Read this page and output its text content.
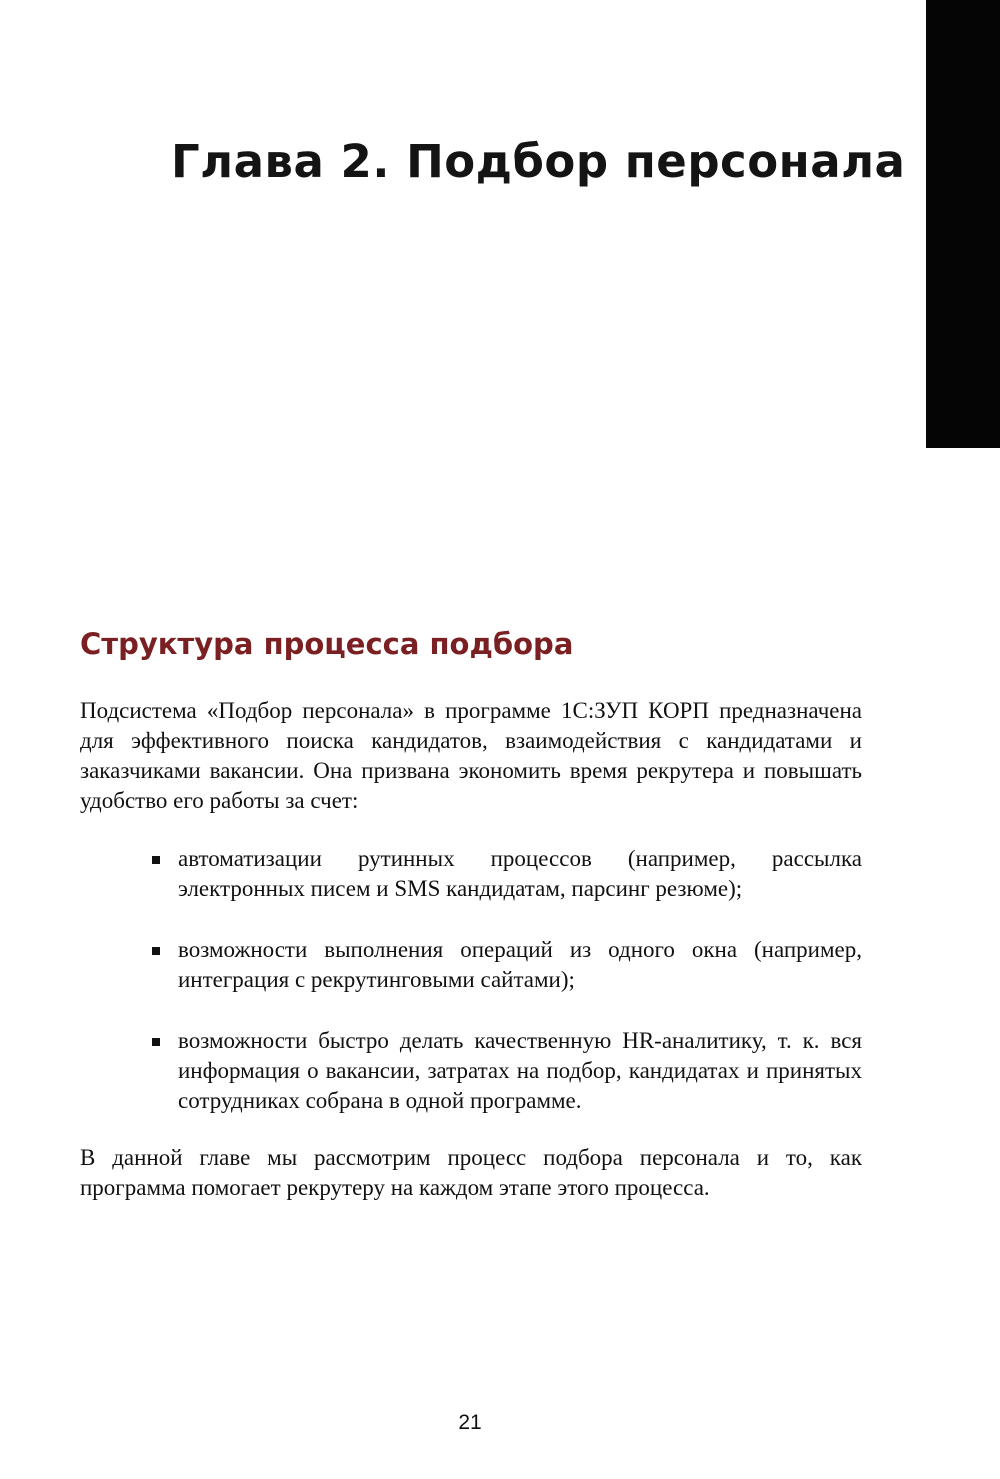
Глава 2. Подбор персонала
Структура процесса подбора

Подсистема «Подбор персонала» в программе 1С:ЗУП КОРП предназначена для эффективного поиска кандидатов, взаимодействия с кандидатами и заказчиками вакансии. Она призвана экономить время рекрутера и повышать удобство его работы за счет:

автоматизации рутинных процессов (например, рассылка электронных писем и SMS кандидатам, парсинг резюме);

возможности выполнения операций из одного окна (например, интеграция с рекрутинговыми сайтами);

возможности быстро делать качественную HR-аналитику, т. к. вся информация о вакансии, затратах на подбор, кандидатах и принятых сотрудниках собрана в одной программе.

В данной главе мы рассмотрим процесс подбора персонала и то, как программа помогает рекрутеру на каждом этапе этого процесса.

21
